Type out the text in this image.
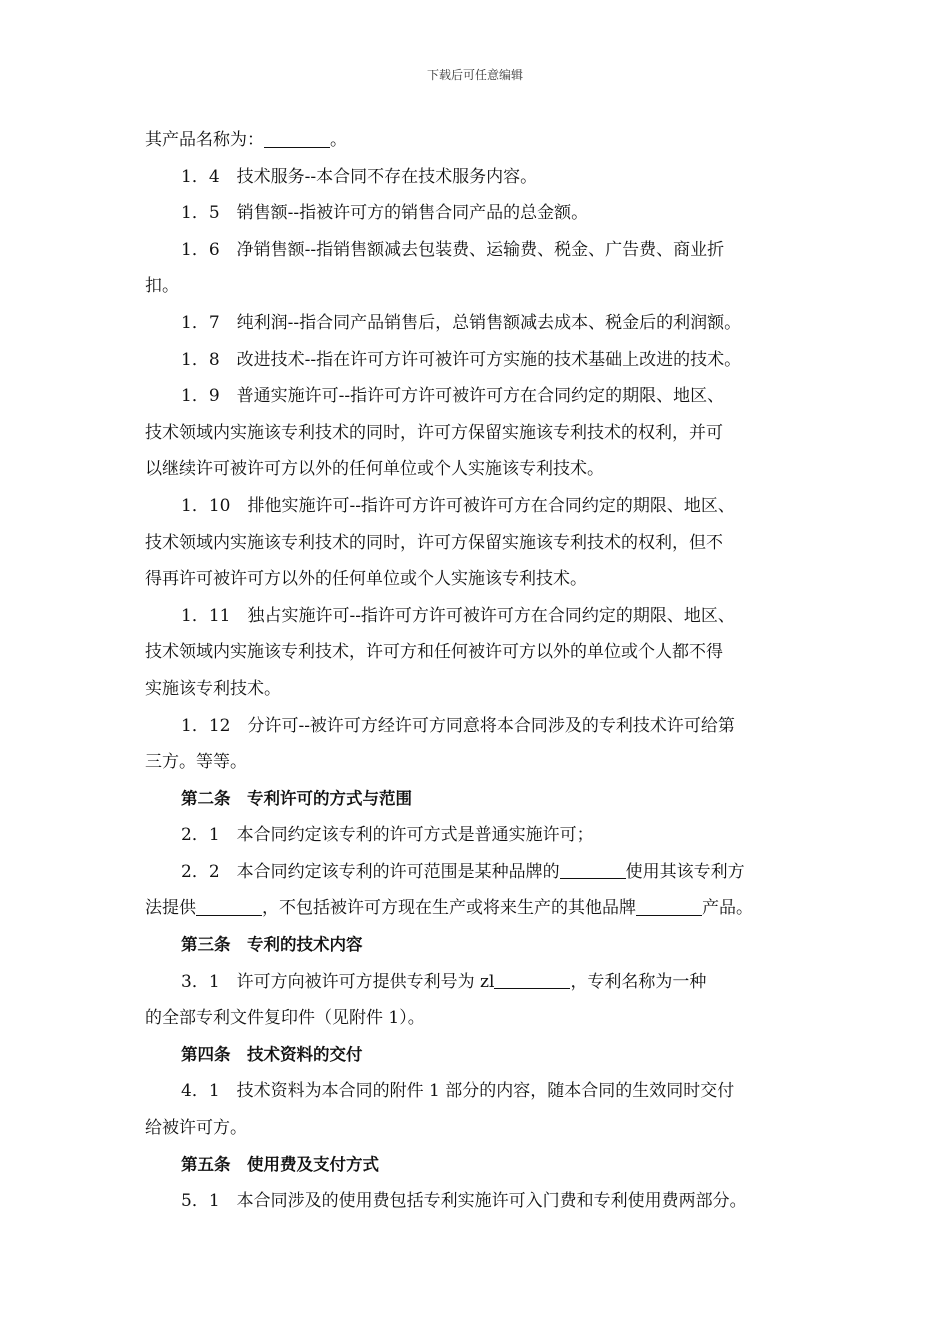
下载后可任意编辑
其产品名称为：	。
1．4　技术服务--本合同不存在技术服务内容。
1．5　销售额--指被许可方的销售合同产品的总金额。
1．6　净销售额--指销售额减去包装费、运输费、税金、广告费、商业折
扣。
1．7　纯利润--指合同产品销售后，总销售额减去成本、税金后的利润额。
1．8　改进技术--指在许可方许可被许可方实施的技术基础上改进的技术。
1．9　普通实施许可--指许可方许可被许可方在合同约定的期限、地区、
技术领域内实施该专利技术的同时，许可方保留实施该专利技术的权利，并可
以继续许可被许可方以外的任何单位或个人实施该专利技术。
1．10　排他实施许可--指许可方许可被许可方在合同约定的期限、地区、
技术领域内实施该专利技术的同时，许可方保留实施该专利技术的权利，但不
得再许可被许可方以外的任何单位或个人实施该专利技术。
1．11　独占实施许可--指许可方许可被许可方在合同约定的期限、地区、
技术领域内实施该专利技术，许可方和任何被许可方以外的单位或个人都不得
实施该专利技术。
1．12　分许可--被许可方经许可方同意将本合同涉及的专利技术许可给第
三方。等等。
第二条　专利许可的方式与范围
2．1　本合同约定该专利的许可方式是普通实施许可；
2．2　本合同约定该专利的许可范围是某种品牌的	使用其该专利方
法提供	，不包括被许可方现在生产或将来生产的其他品牌	产品。
第三条　专利的技术内容
3．1　许可方向被许可方提供专利号为 zl	，专利名称为一种
的全部专利文件复印件（见附件 1）。
第四条　技术资料的交付
4．1　技术资料为本合同的附件 1 部分的内容，随本合同的生效同时交付
给被许可方。
第五条　使用费及支付方式
5．1　本合同涉及的使用费包括专利实施许可入门费和专利使用费两部分。
